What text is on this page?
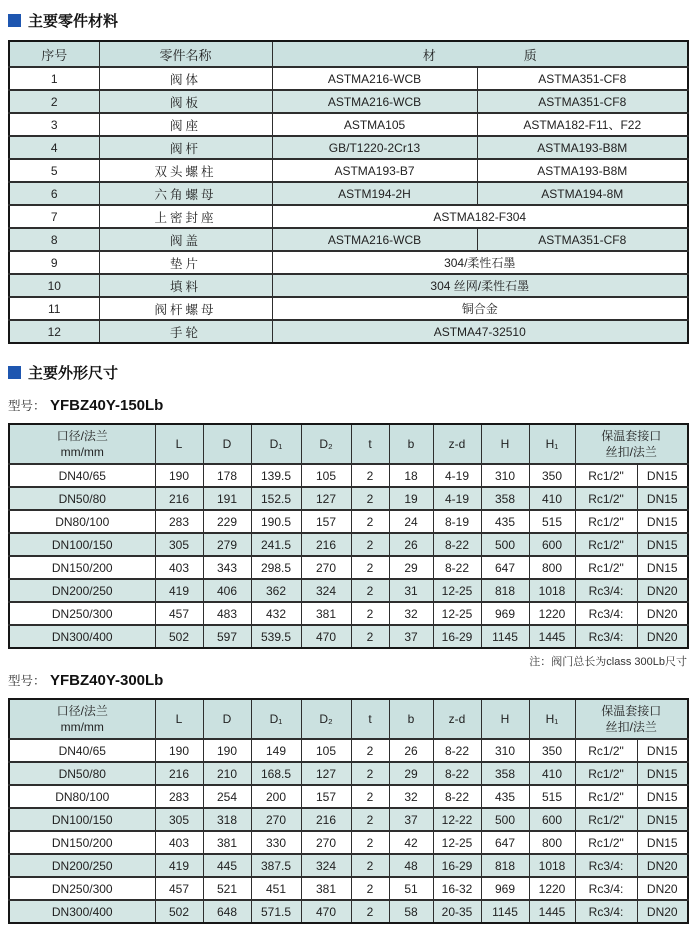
主要零件材料
序号	零件名称	材 质	

1	阀体	ASTMA216-WCB	ASTMA351-CF8
2	阀板	ASTMA216-WCB	ASTMA351-CF8
3	阀座	ASTMA105	ASTMA182-F11、F22
4	阀杆	GB/T1220-2Cr13	ASTMA193-B8M
5	双头螺柱	ASTMA193-B7	ASTMA193-B8M
6	六角螺母	ASTM194-2H	ASTMA194-8M
7	上密封座	ASTMA182-F304	
8	阀盖	ASTMA216-WCB	ASTMA351-CF8
9	垫片	304/柔性石墨	
10	填料	304 丝网/柔性石墨	
11	阀杆螺母	铜合金	
12	手轮	ASTMA47-32510	
主要外形尺寸
型号： YFBZ40Y-150Lb
口径/法兰
mm/mm	L	D	D₁	D₂	t	b	z-d	H	H₁	保温套接口
丝扣/法兰	

DN40/65	190	178	139.5	105	2	18	4-19	310	350	Rc1/2"	DN15
DN50/80	216	191	152.5	127	2	19	4-19	358	410	Rc1/2"	DN15
DN80/100	283	229	190.5	157	2	24	8-19	435	515	Rc1/2"	DN15
DN100/150	305	279	241.5	216	2	26	8-22	500	600	Rc1/2"	DN15
DN150/200	403	343	298.5	270	2	29	8-22	647	800	Rc1/2"	DN15
DN200/250	419	406	362	324	2	31	12-25	818	1018	Rc3/4:	DN20
DN250/300	457	483	432	381	2	32	12-25	969	1220	Rc3/4:	DN20
DN300/400	502	597	539.5	470	2	37	16-29	1145	1445	Rc3/4:	DN20
注：阀门总长为class 300Lb尺寸
型号： YFBZ40Y-300Lb
口径/法兰
mm/mm	L	D	D₁	D₂	t	b	z-d	H	H₁	保温套接口
丝扣/法兰	

DN40/65	190	190	149	105	2	26	8-22	310	350	Rc1/2"	DN15
DN50/80	216	210	168.5	127	2	29	8-22	358	410	Rc1/2"	DN15
DN80/100	283	254	200	157	2	32	8-22	435	515	Rc1/2"	DN15
DN100/150	305	318	270	216	2	37	12-22	500	600	Rc1/2"	DN15
DN150/200	403	381	330	270	2	42	12-25	647	800	Rc1/2"	DN15
DN200/250	419	445	387.5	324	2	48	16-29	818	1018	Rc3/4:	DN20
DN250/300	457	521	451	381	2	51	16-32	969	1220	Rc3/4:	DN20
DN300/400	502	648	571.5	470	2	58	20-35	1145	1445	Rc3/4:	DN20
